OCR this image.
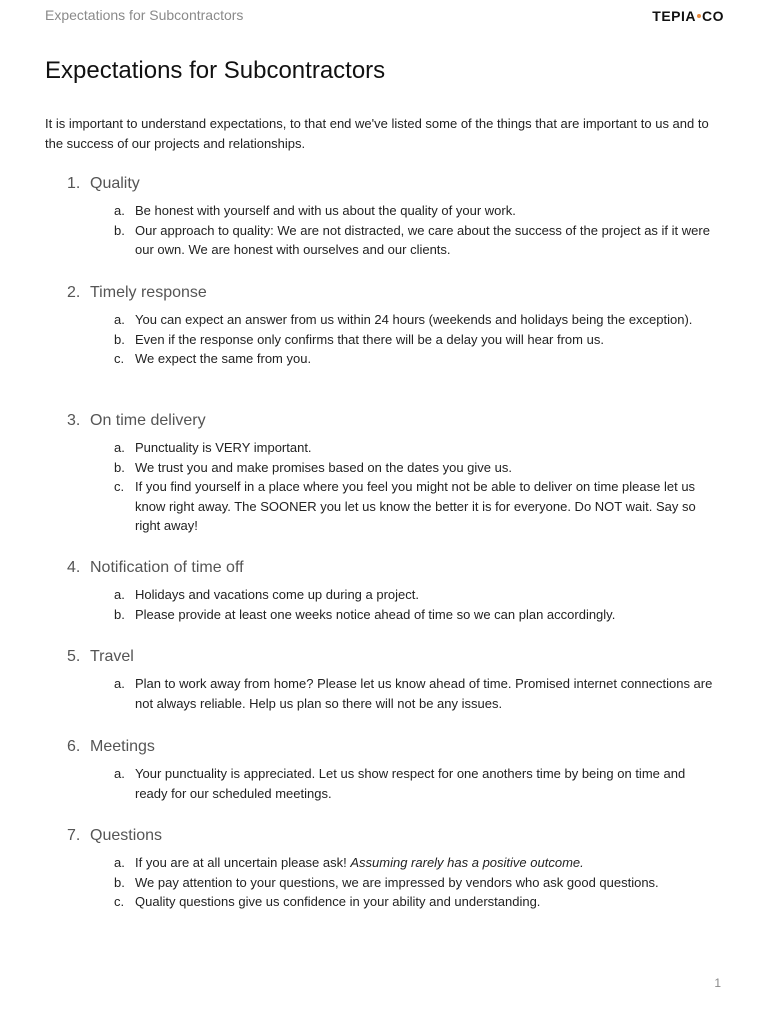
Expectations for Subcontractors	TEPIA CO
Expectations for Subcontractors

It is important to understand expectations, to that end we've listed some of the things that are important to us and to the success of our projects and relationships.

1. Quality
a. Be honest with yourself and with us about the quality of your work.
b. Our approach to quality: We are not distracted, we care about the success of the project as if it were our own. We are honest with ourselves and our clients.
2. Timely response
a. You can expect an answer from us within 24 hours (weekends and holidays being the exception).
b. Even if the response only confirms that there will be a delay you will hear from us.
c. We expect the same from you.
3. On time delivery
a. Punctuality is VERY important.
b. We trust you and make promises based on the dates you give us.
c. If you find yourself in a place where you feel you might not be able to deliver on time please let us know right away. The SOONER you let us know the better it is for everyone. Do NOT wait. Say so right away!
4. Notification of time off
a. Holidays and vacations come up during a project.
b. Please provide at least one weeks notice ahead of time so we can plan accordingly.
5. Travel
a. Plan to work away from home? Please let us know ahead of time. Promised internet connections are not always reliable. Help us plan so there will not be any issues.
6. Meetings
a. Your punctuality is appreciated. Let us show respect for one anothers time by being on time and ready for our scheduled meetings.
7. Questions
a. If you are at all uncertain please ask! Assuming rarely has a positive outcome.
b. We pay attention to your questions, we are impressed by vendors who ask good questions.
c. Quality questions give us confidence in your ability and understanding.
1
